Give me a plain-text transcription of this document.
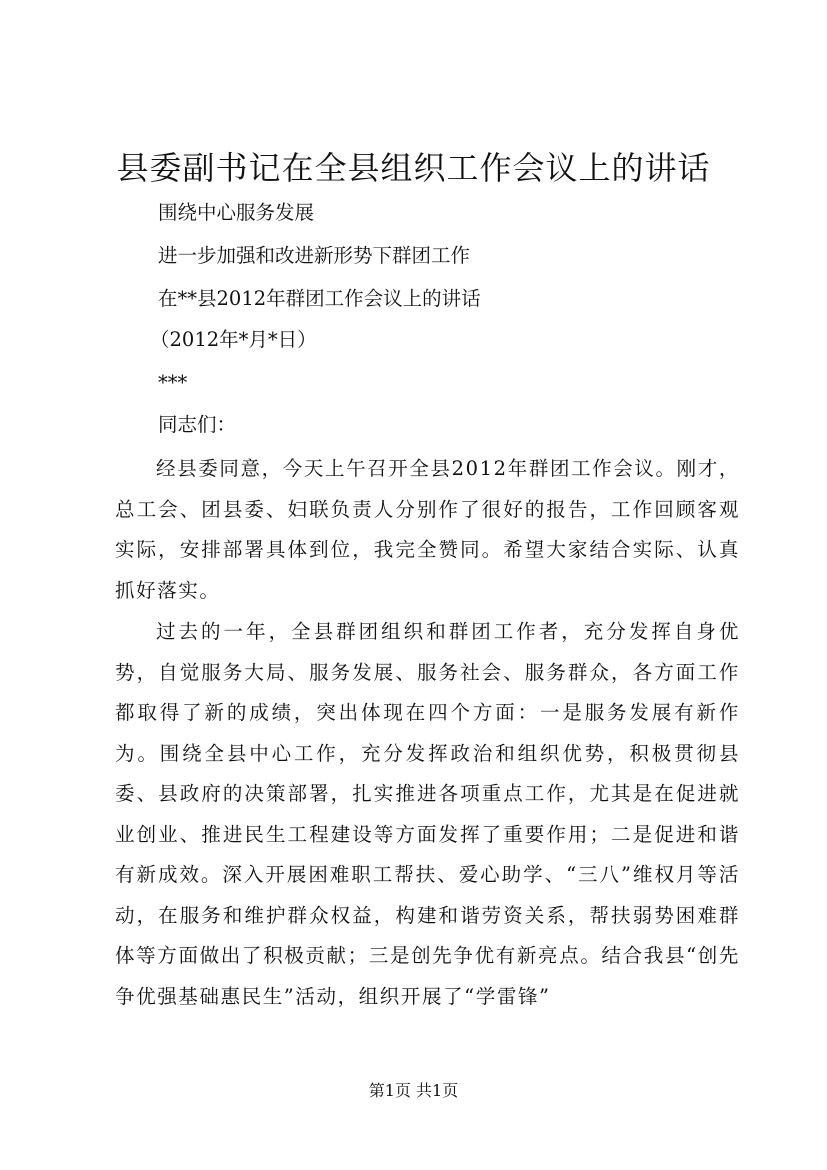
县委副书记在全县组织工作会议上的讲话
围绕中心服务发展
进一步加强和改进新形势下群团工作
在**县2012年群团工作会议上的讲话
（2012年*月*日）
***
同志们：

经县委同意，今天上午召开全县2012年群团工作会议。刚才，总工会、团县委、妇联负责人分别作了很好的报告，工作回顾客观实际，安排部署具体到位，我完全赞同。希望大家结合实际、认真抓好落实。

过去的一年，全县群团组织和群团工作者，充分发挥自身优势，自觉服务大局、服务发展、服务社会、服务群众，各方面工作都取得了新的成绩，突出体现在四个方面：一是服务发展有新作为。围绕全县中心工作，充分发挥政治和组织优势，积极贯彻县委、县政府的决策部署，扎实推进各项重点工作，尤其是在促进就业创业、推进民生工程建设等方面发挥了重要作用；二是促进和谐有新成效。深入开展困难职工帮扶、爱心助学、“三八”维权月等活动，在服务和维护群众权益，构建和谐劳资关系，帮扶弱势困难群体等方面做出了积极贡献；三是创先争优有新亮点。结合我县“创先争优强基础惠民生”活动，组织开展了“学雷锋”

第1页 共1页
